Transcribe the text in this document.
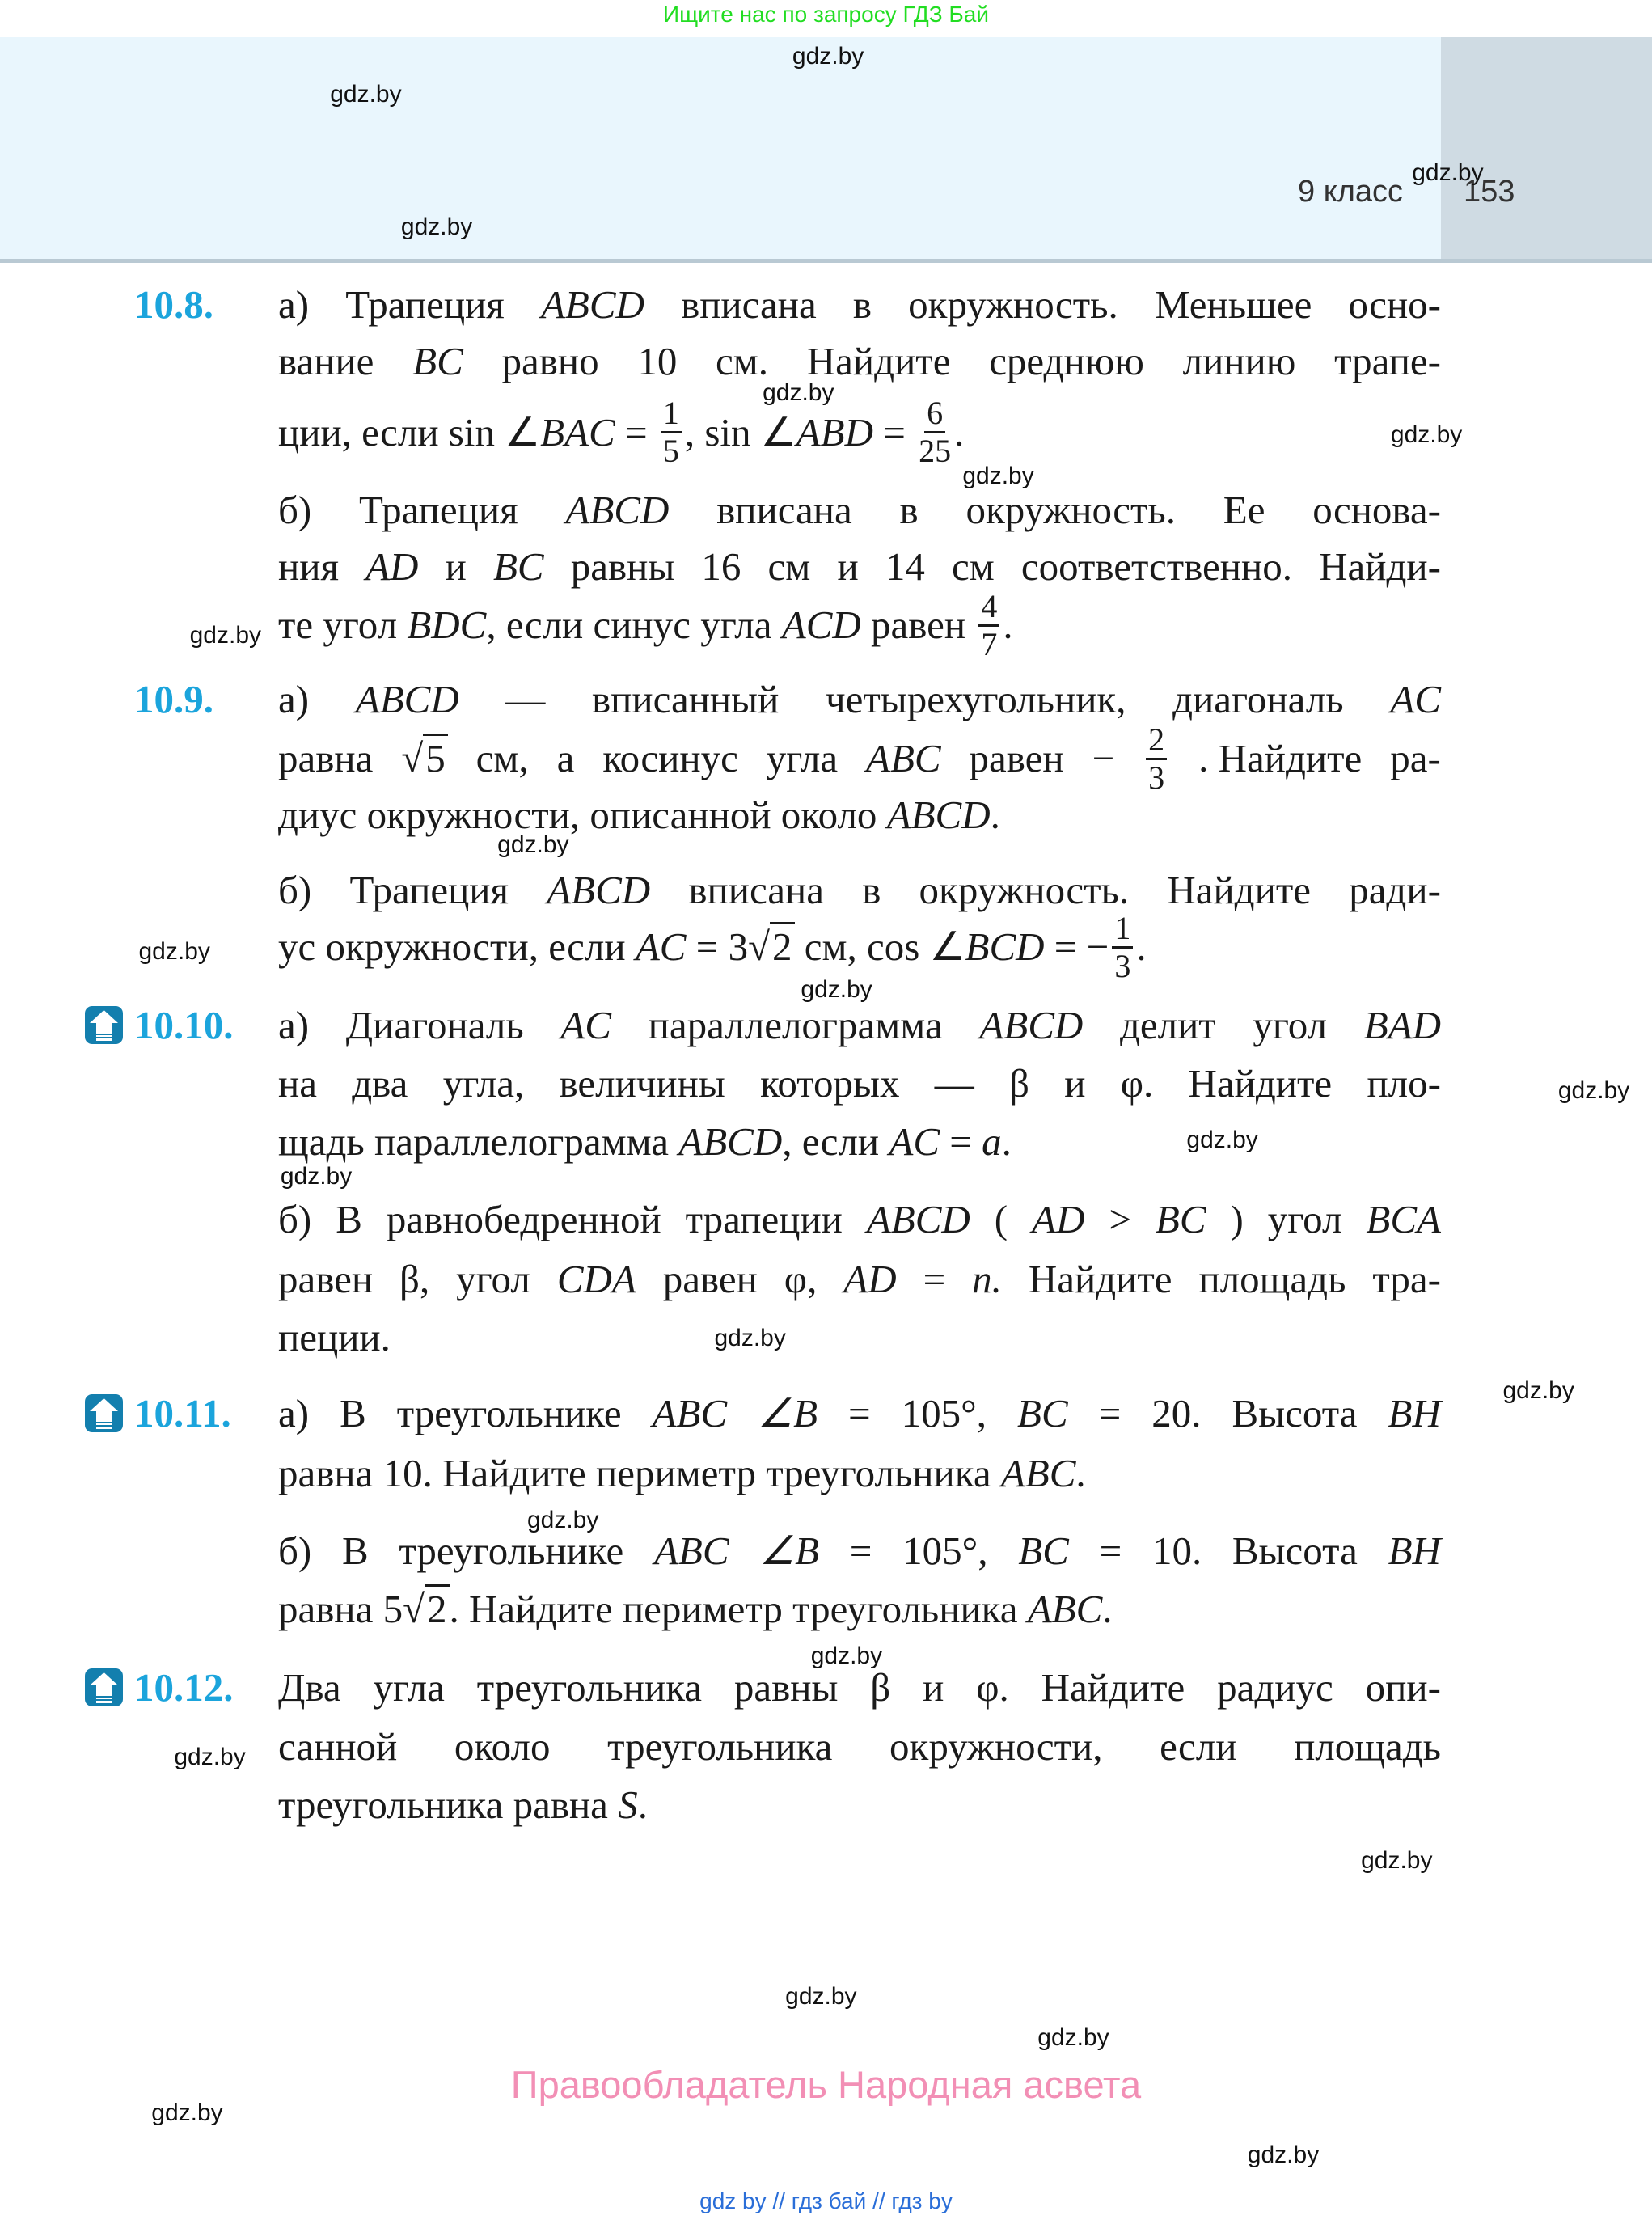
Ищите нас по запросу ГДЗ Бай
9 класс 153
10.8. а) Трапеция ABCD вписана в окружность. Меньшее осно-
вание BC равно 10 см. Найдите среднюю линию трапе-
ции, если sin ∠ BAC = $\frac{1}{5}$ , sin ∠ ABD = $\frac{6}{25}$ .
б) Трапеция ABCD вписана в окружность. Ее основа-
ния AD и BC равны 16 см и 14 см соответственно. Найди-
те угол BDC , если синус угла ACD равен $\frac{4}{7}$ .
10.9. а) ABCD — вписанный четырехугольник, диагональ AC
равна √5 см, а косинус угла ABC равен − $\frac{2}{3}$ . Найдите ра-
диус окружности, описанной около ABCD .
б) Трапеция ABCD вписана в окружность. Найдите ради-
ус окружности, если AC = 3 √2 см, cos ∠ BCD = − $\frac{1}{3}$ .
10.10. а) Диагональ AC параллелограмма ABCD делит угол BAD
на два угла, величины которых — β и φ. Найдите пло-
щадь параллелограмма ABCD , если AC = a .
б) В равнобедренной трапеции ABCD ( AD > BC ) угол BCA
равен β, угол CDA равен φ, AD = n. Найдите площадь тра-
пеции.
10.11. а) В треугольнике ABC ∠B = 105°, BC = 20. Высота BH
равна 10. Найдите периметр треугольника ABC .
б) В треугольнике ABC ∠B = 105°, BC = 10. Высота BH
равна 5 √2 . Найдите периметр треугольника ABC .
10.12. Два угла треугольника равны β и φ. Найдите радиус опи-
санной около треугольника окружности, если площадь
треугольника равна S .
gdz.by
gdz.by
gdz.by
gdz.by
gdz.by
gdz.by
gdz.by
gdz.by
gdz.by
gdz.by
gdz.by
gdz.by
gdz.by
gdz.by
gdz.by
gdz.by
gdz.by
gdz.by
gdz.by
gdz.by
gdz.by
gdz.by
gdz.by
gdz.by
Правообладатель Народная асвета
gdz by // гдз бай // гдз by
